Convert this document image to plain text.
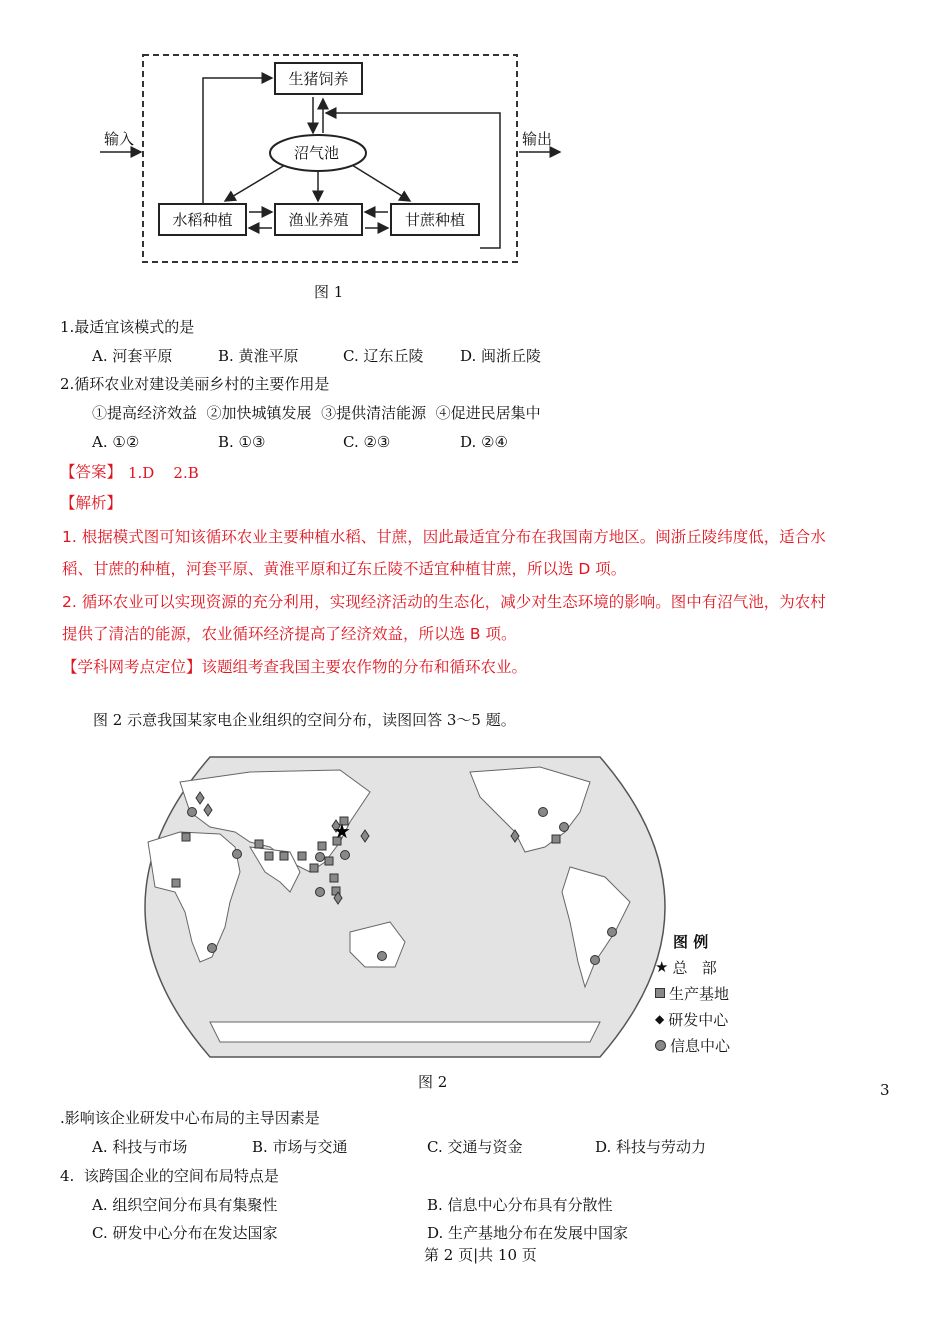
输入	输出
生猪饲养
沼气池
水稻种植	渔业养殖	甘蔗种植
图 1
1.最适宜该模式的是
A. 河套平原	B. 黄淮平原	C. 辽东丘陵 D. 闽浙丘陵
2.循环农业对建设美丽乡村的主要作用是
①提高经济效益  ②加快城镇发展  ③提供清洁能源  ④促进民居集中
A. ①②	B. ①③	C. ②③	D. ②④
【答案】 1.D    2.B
【解析】
1. 根据模式图可知该循环农业主要种植水稻、甘蔗，因此最适宜分布在我国南方地区。闽浙丘陵纬度低，适合水
稻、甘蔗的种植，河套平原、黄淮平原和辽东丘陵不适宜种植甘蔗，所以选 D 项。
2. 循环农业可以实现资源的充分利用，实现经济活动的生态化，减少对生态环境的影响。图中有沼气池，为农村
提供了清洁的能源，农业循环经济提高了经济效益，所以选 B 项。
【学科网考点定位】该题组考查我国主要农作物的分布和循环农业。
图 2 示意我国某家电企业组织的空间分布，读图回答 3～5 题。
★
图 例
★ 总   部
生产基地
◆ 研发中心
信息中心
图 2	3
.影响该企业研发中心布局的主导因素是
A. 科技与市场	B. 市场与交通	C. 交通与资金	D. 科技与劳动力
4.  该跨国企业的空间布局特点是
A. 组织空间分布具有集聚性	B. 信息中心分布具有分散性
C. 研发中心分布在发达国家	D. 生产基地分布在发展中国家
第 2 页|共 10 页
